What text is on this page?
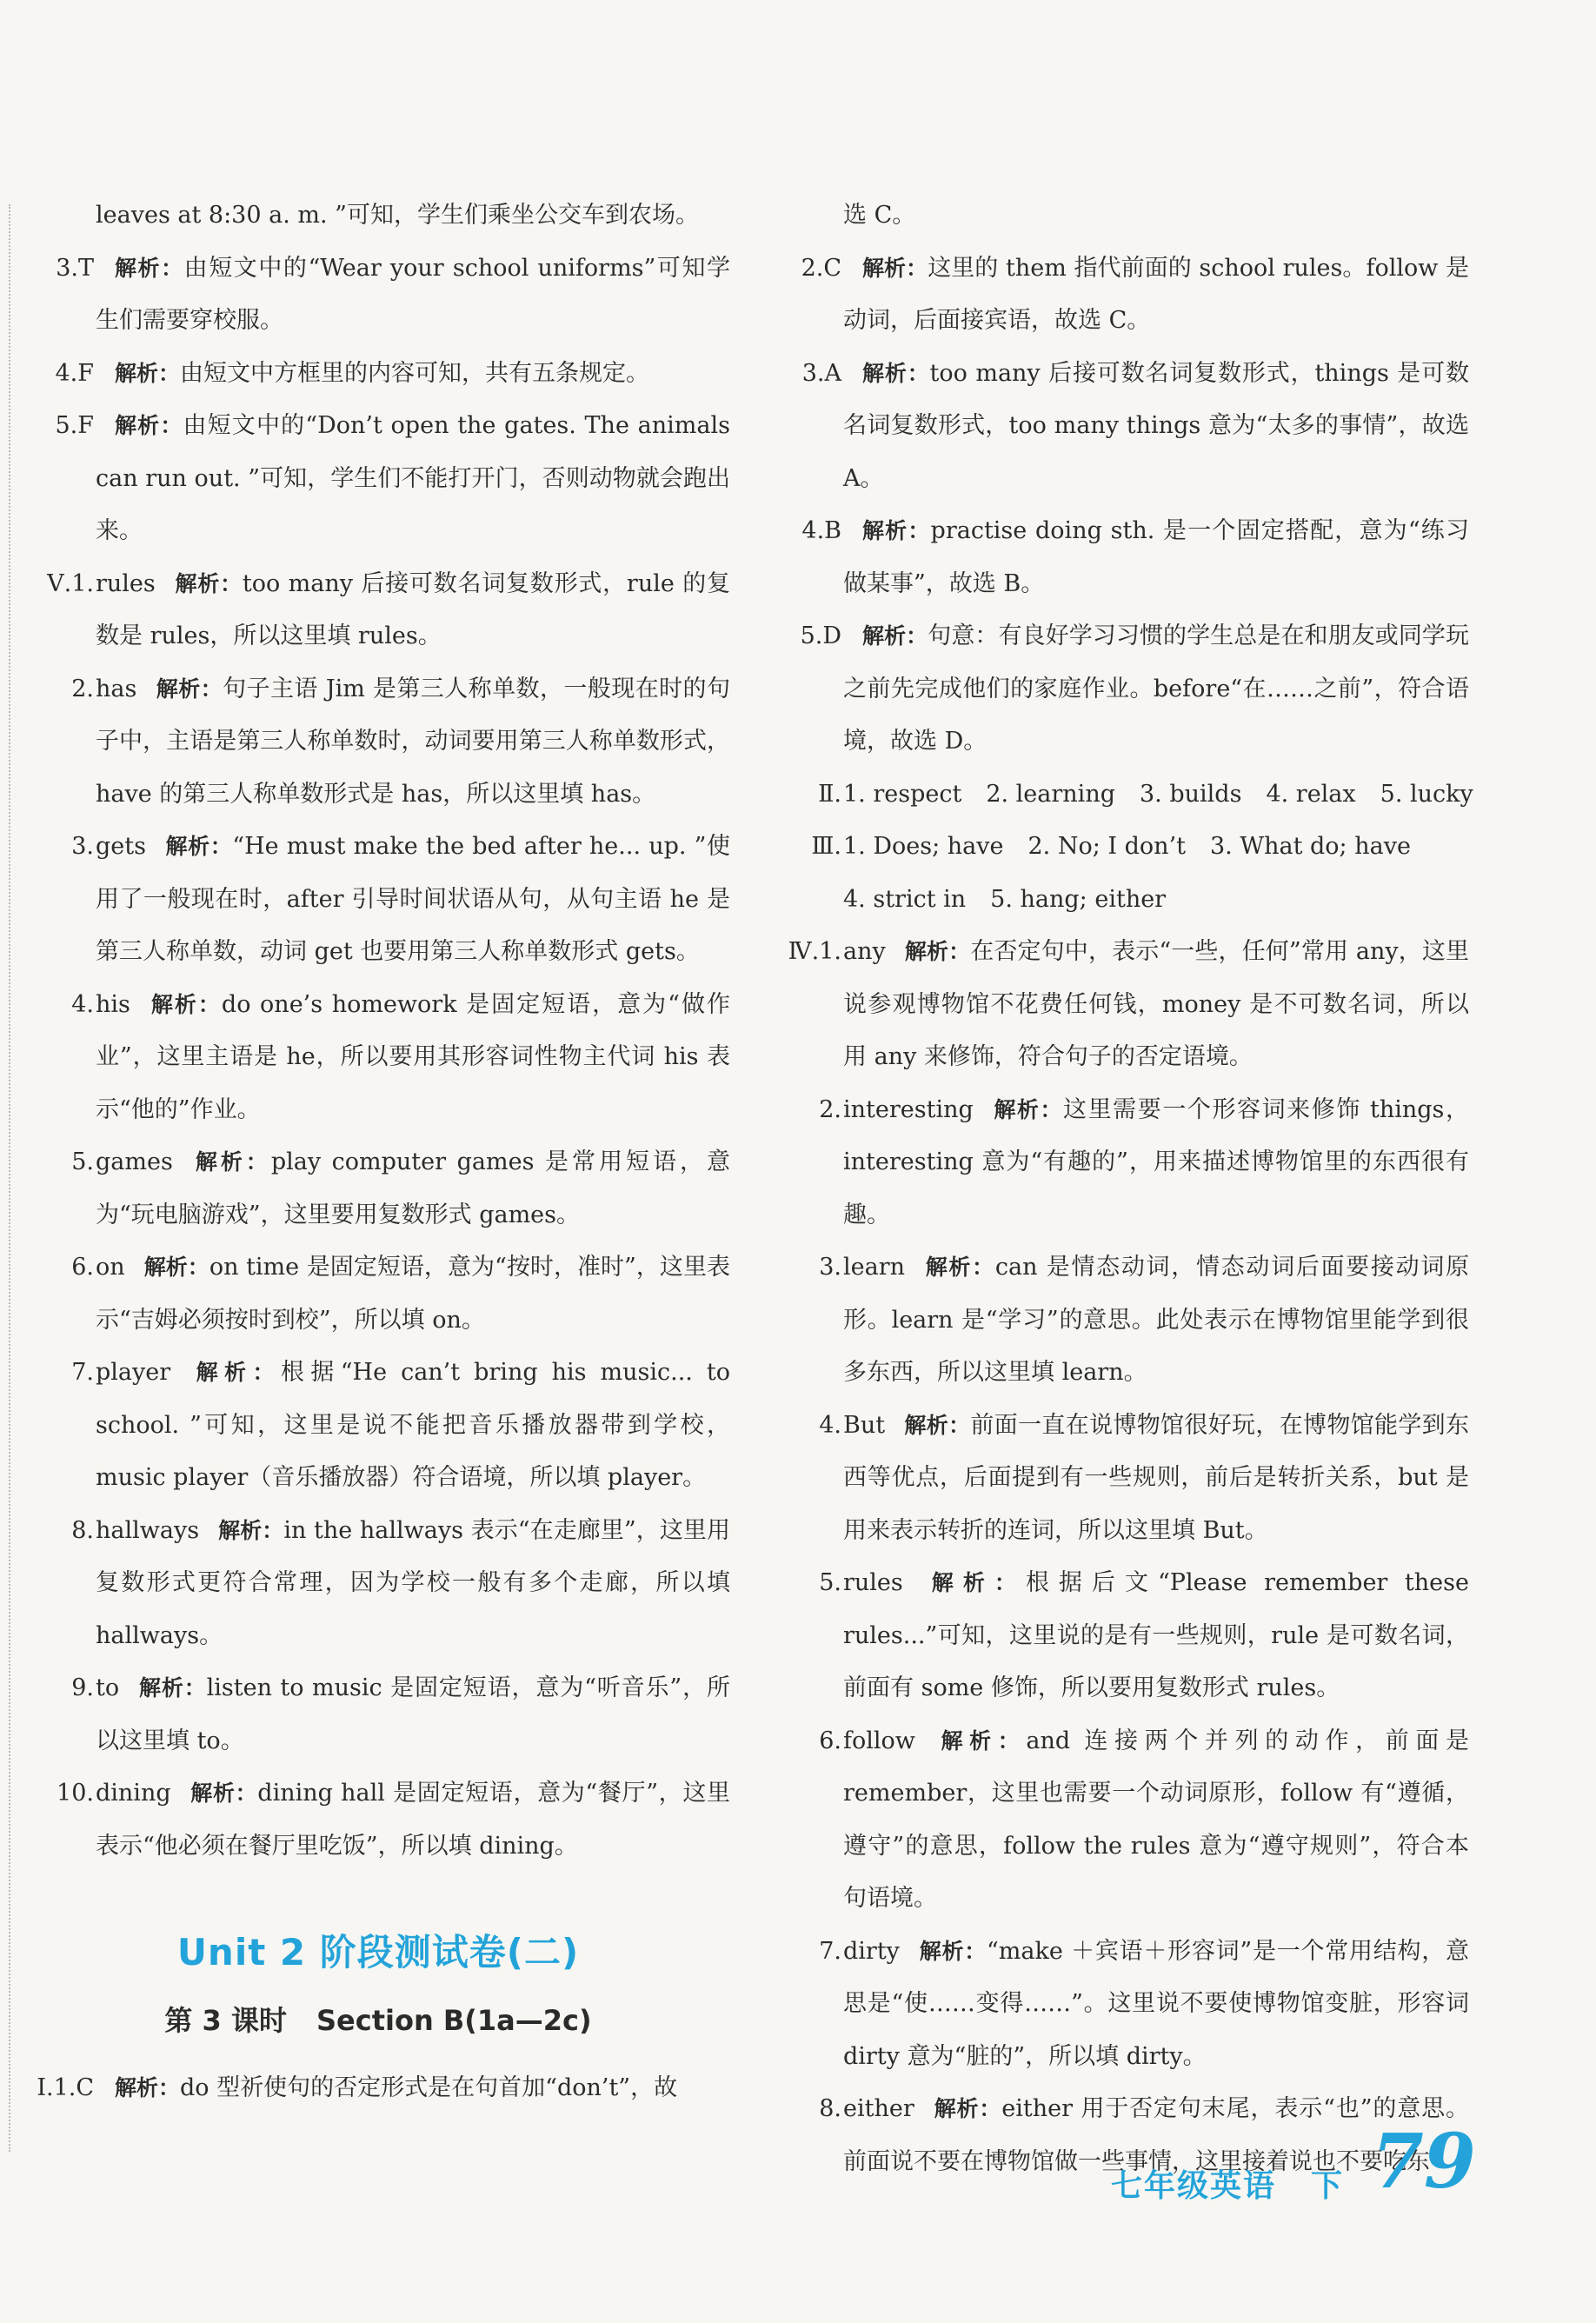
leaves at 8:30 a. m. ”可知，学生们乘坐公交车到农场。
3.T 解析：由短文中的“Wear your school uniforms”可知学生们需要穿校服。
4.F 解析：由短文中方框里的内容可知，共有五条规定。
5.F 解析：由短文中的“Don’t open the gates. The animals can run out. ”可知，学生们不能打开门，否则动物就会跑出来。
Ⅴ.1. rules 解析：too many 后接可数名词复数形式，rule 的复数是 rules，所以这里填 rules。
2. has 解析：句子主语 Jim 是第三人称单数，一般现在时的句子中，主语是第三人称单数时，动词要用第三人称单数形式，have 的第三人称单数形式是 has，所以这里填 has。
3. gets 解析：“He must make the bed after he... up. ”使用了一般现在时，after 引导时间状语从句，从句主语 he 是第三人称单数，动词 get 也要用第三人称单数形式 gets。
4. his 解析：do one’s homework 是固定短语，意为“做作业”，这里主语是 he，所以要用其形容词性物主代词 his 表示“他的”作业。
5. games 解析：play computer games 是常用短语，意为“玩电脑游戏”，这里要用复数形式 games。
6. on 解析：on time 是固定短语，意为“按时，准时”，这里表示“吉姆必须按时到校”，所以填 on。
7. player 解析：根据“He can’t bring his music... to school. ”可知，这里是说不能把音乐播放器带到学校，music player（音乐播放器）符合语境，所以填 player。
8. hallways 解析：in the hallways 表示“在走廊里”，这里用复数形式更符合常理，因为学校一般有多个走廊，所以填 hallways。
9. to 解析：listen to music 是固定短语，意为“听音乐”，所以这里填 to。
10. dining 解析：dining hall 是固定短语，意为“餐厅”，这里表示“他必须在餐厅里吃饭”，所以填 dining。
Unit 2 阶段测试卷(二)
第 3 课时 Section B(1a—2c)
Ⅰ.1.C 解析：do 型祈使句的否定形式是在句首加“don’t”，故
选 C。
2.C 解析：这里的 them 指代前面的 school rules。follow 是动词，后面接宾语，故选 C。
3.A 解析：too many 后接可数名词复数形式，things 是可数名词复数形式，too many things 意为“太多的事情”，故选 A。
4.B 解析：practise doing sth. 是一个固定搭配，意为“练习做某事”，故选 B。
5.D 解析：句意：有良好学习习惯的学生总是在和朋友或同学玩之前先完成他们的家庭作业。before“在……之前”，符合语境，故选 D。
Ⅱ. 1. respect 2. learning 3. builds 4. relax 5. lucky
Ⅲ. 1. Does; have 2. No; I don’t 3. What do; have
4. strict in 5. hang; either
Ⅳ.1. any 解析：在否定句中，表示“一些，任何”常用 any，这里说参观博物馆不花费任何钱，money 是不可数名词，所以用 any 来修饰，符合句子的否定语境。
2. interesting 解析：这里需要一个形容词来修饰 things，interesting 意为“有趣的”，用来描述博物馆里的东西很有趣。
3. learn 解析：can 是情态动词，情态动词后面要接动词原形。learn 是“学习”的意思。此处表示在博物馆里能学到很多东西，所以这里填 learn。
4. But 解析：前面一直在说博物馆很好玩，在博物馆能学到东西等优点，后面提到有一些规则，前后是转折关系，but 是用来表示转折的连词，所以这里填 But。
5. rules 解析：根据后文“Please remember these rules...”可知，这里说的是有一些规则，rule 是可数名词，前面有 some 修饰，所以要用复数形式 rules。
6. follow 解析：and 连接两个并列的动作，前面是 remember，这里也需要一个动词原形，follow 有“遵循，遵守”的意思，follow the rules 意为“遵守规则”，符合本句语境。
7. dirty 解析：“make ＋宾语＋形容词”是一个常用结构，意思是“使……变得……”。这里说不要使博物馆变脏，形容词 dirty 意为“脏的”，所以填 dirty。
8. either 解析：either 用于否定句末尾，表示“也”的意思。前面说不要在博物馆做一些事情，这里接着说也不要吃东
七年级英语 下 79
